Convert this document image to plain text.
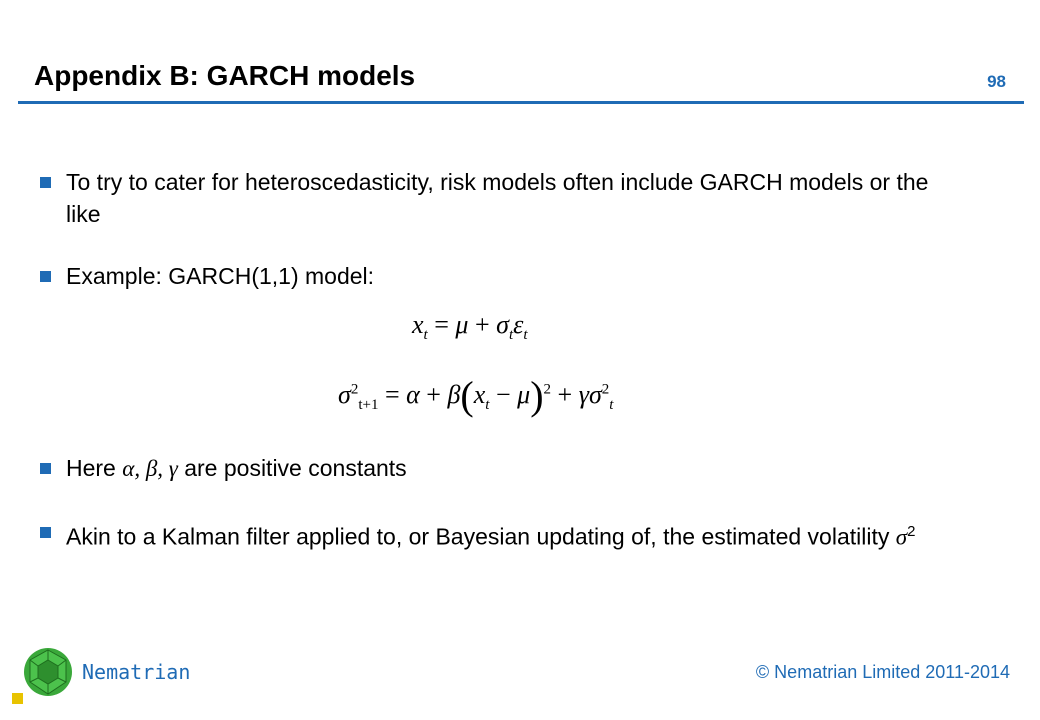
Appendix B: GARCH models	98
To try to cater for heteroscedasticity, risk models often include GARCH models or the like
Example: GARCH(1,1) model:
$x_t = \mu + \sigma_t\varepsilon_t$
$\sigma^2_{t+1} = \alpha + \beta(x_t - \mu)^2 + \gamma\sigma^2_t$
Here α, β, γ are positive constants
Akin to a Kalman filter applied to, or Bayesian updating of, the estimated volatility $\sigma^2$
Nematrian	© Nematrian Limited 2011-2014
